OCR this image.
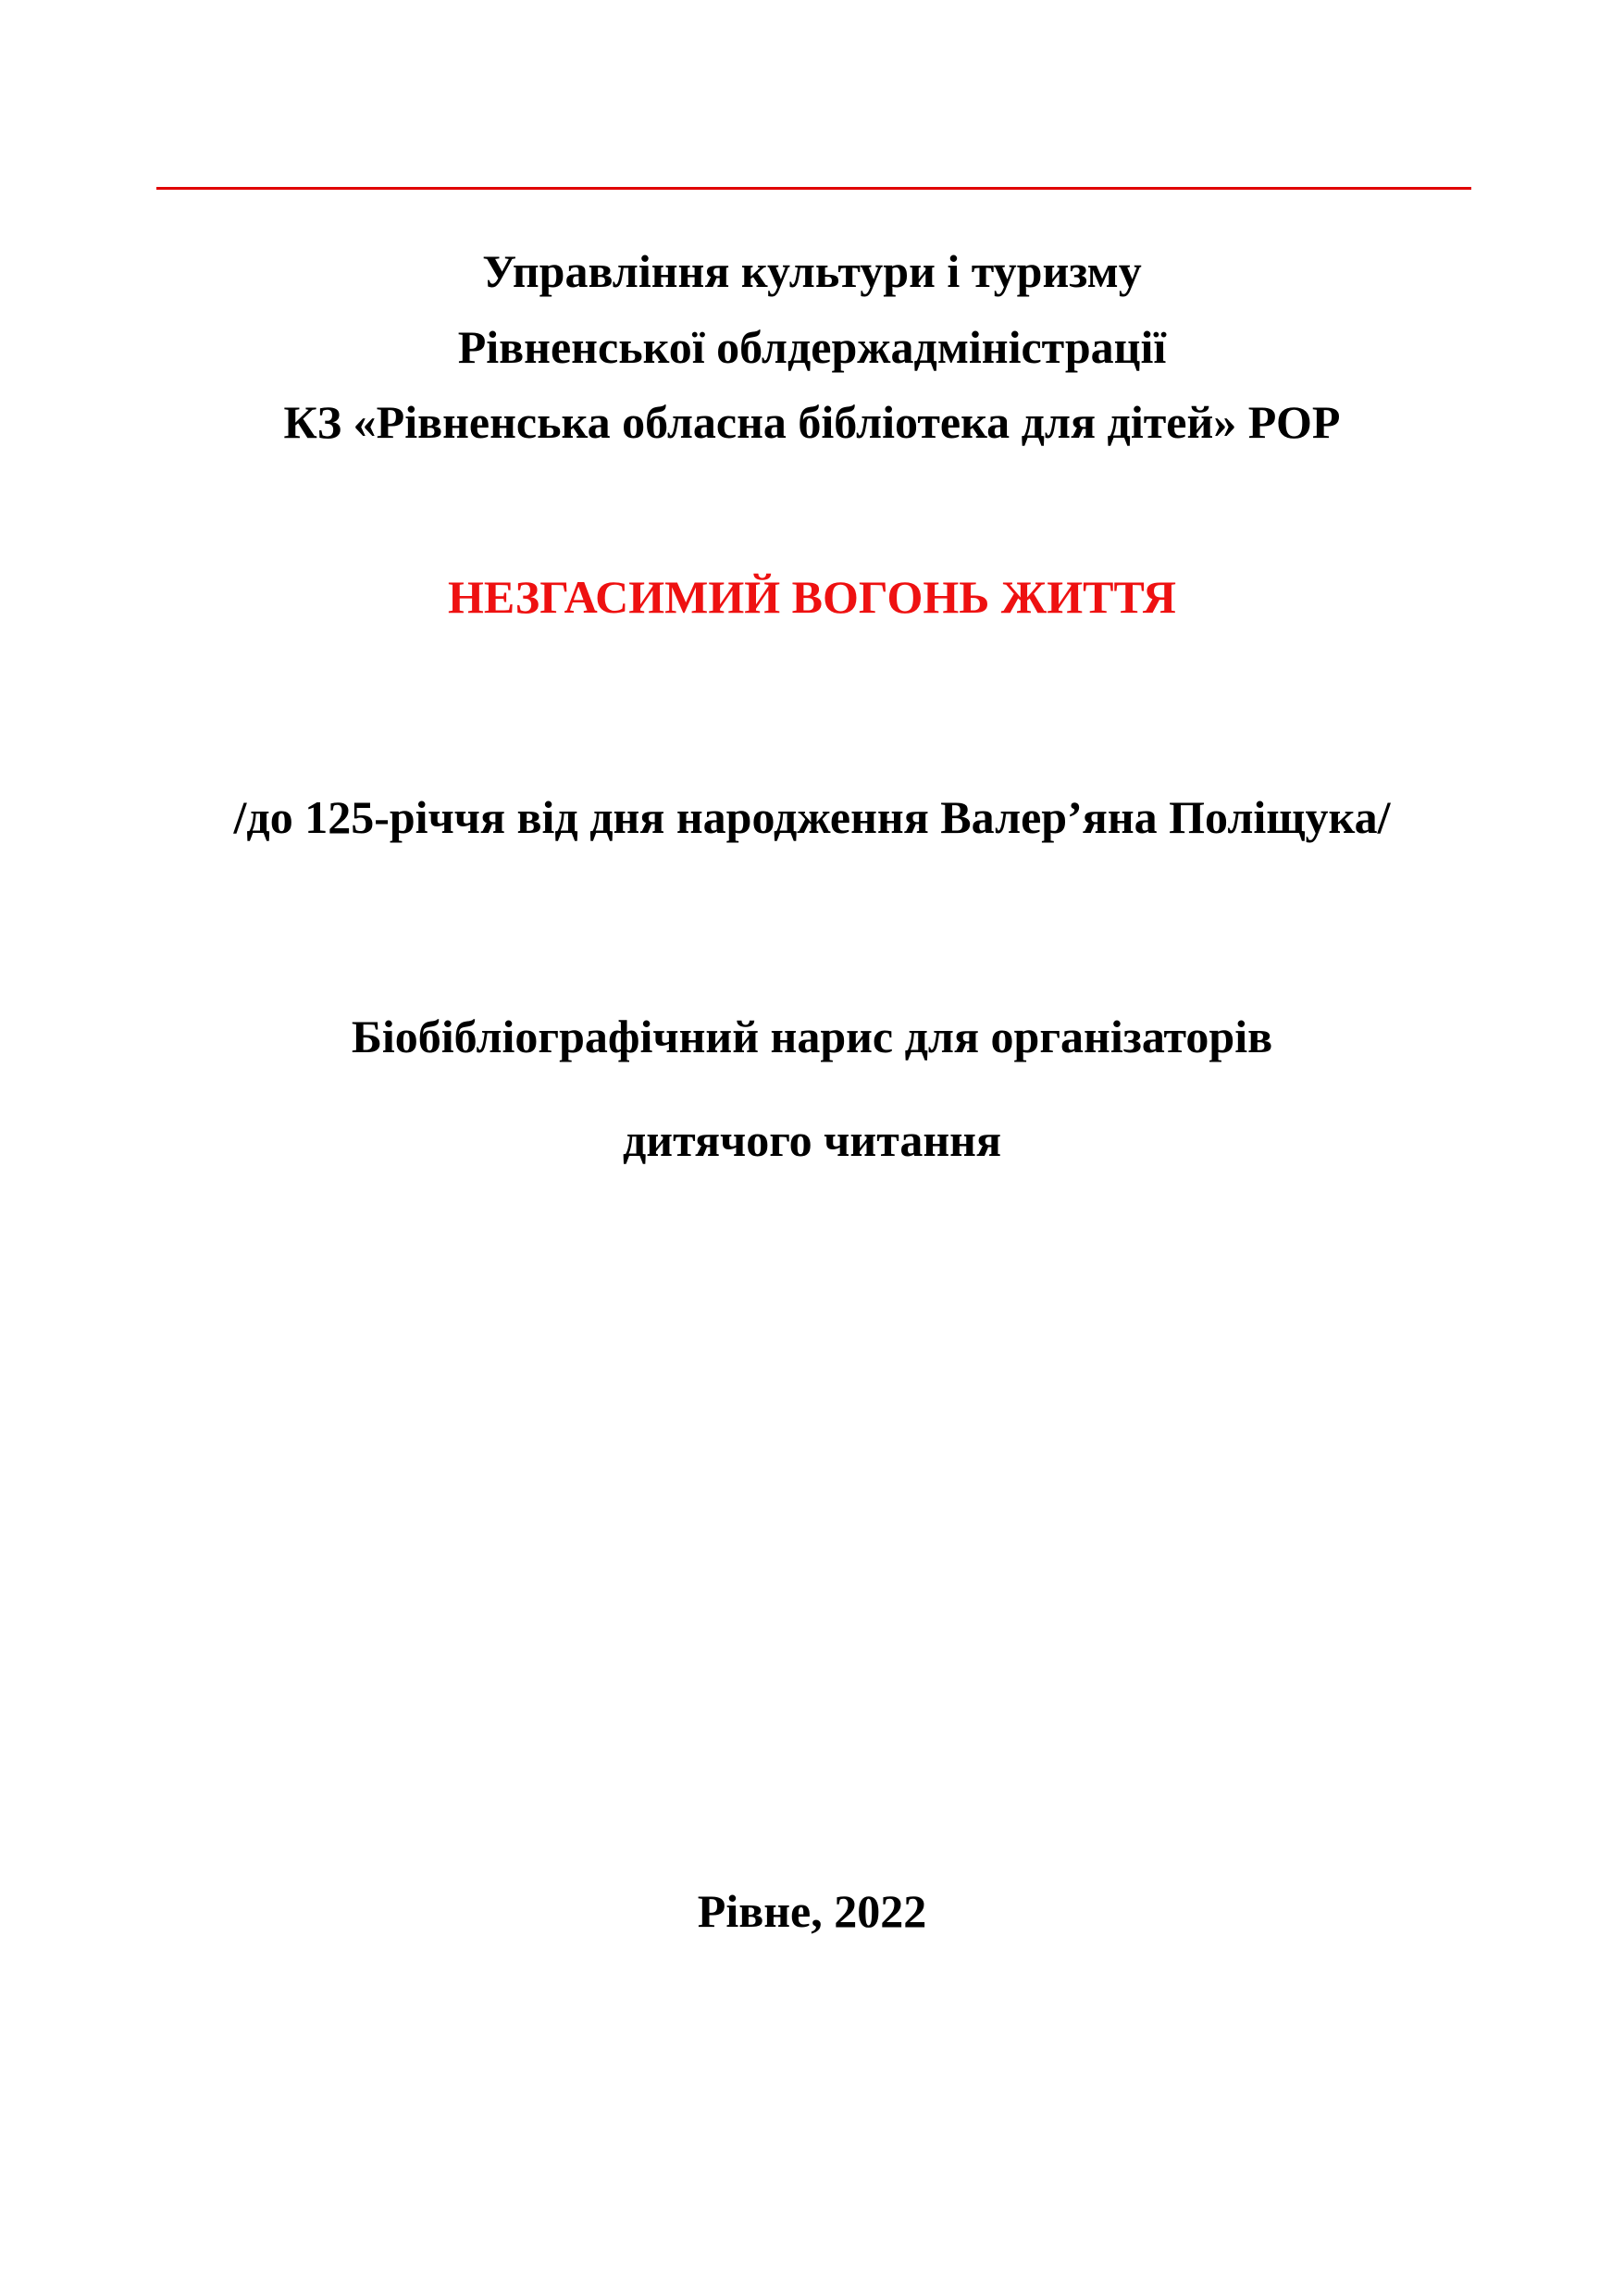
Управління культури і туризму
Рівненської облдержадміністрації
КЗ «Рівненська обласна бібліотека для дітей» РОР
НЕЗГАСИМИЙ ВОГОНЬ ЖИТТЯ
/до 125-річчя від дня народження Валер’яна Поліщука/
Біобібліографічний нарис для організаторів
дитячого читання
Рівне, 2022
